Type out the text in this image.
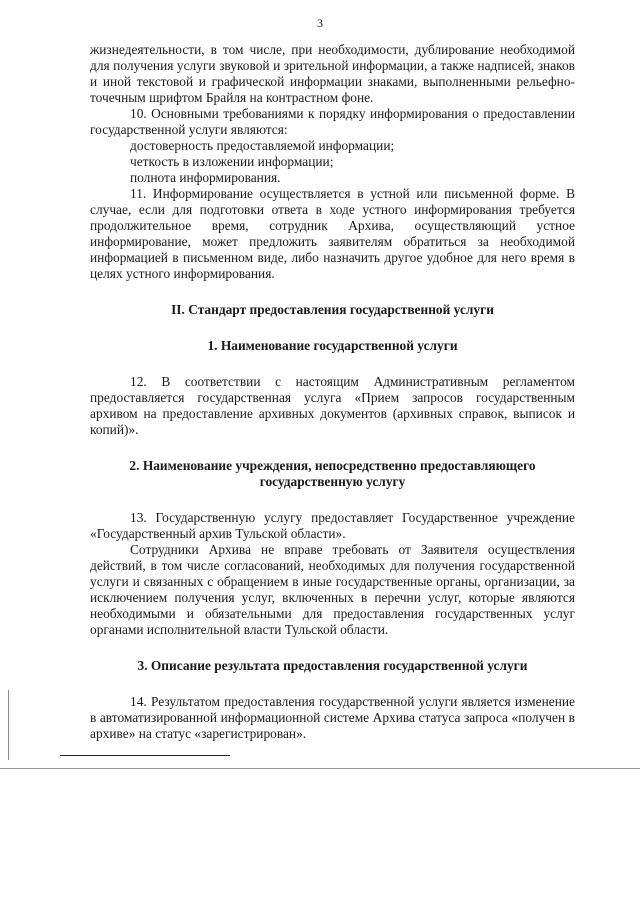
3

жизнедеятельности, в том числе, при необходимости, дублирование необходимой для получения услуги звуковой и зрительной информации, а также надписей, знаков и иной текстовой и графической информации знаками, выполненными рельефно-точечным шрифтом Брайля на контрастном фоне.

10. Основными требованиями к порядку информирования о предоставлении государственной услуги являются:

достоверность предоставляемой информации;

четкость в изложении информации;

полнота информирования.

11. Информирование осуществляется в устной или письменной форме. В случае, если для подготовки ответа в ходе устного информирования требуется продолжительное время, сотрудник Архива, осуществляющий устное информирование, может предложить заявителям обратиться за необходимой информацией в письменном виде, либо назначить другое удобное для него время в целях устного информирования.

II. Стандарт предоставления государственной услуги
1. Наименование государственной услуги

12. В соответствии с настоящим Административным регламентом предоставляется государственная услуга «Прием запросов государственным архивом на предоставление архивных документов (архивных справок, выписок и копий)».

2. Наименование учреждения, непосредственно предоставляющего государственную услугу

13. Государственную услугу предоставляет Государственное учреждение «Государственный архив Тульской области».

Сотрудники Архива не вправе требовать от Заявителя осуществления действий, в том числе согласований, необходимых для получения государственной услуги и связанных с обращением в иные государственные органы, организации, за исключением получения услуг, включенных в перечни услуг, которые являются необходимыми и обязательными для предоставления государственных услуг органами исполнительной власти Тульской области.

3. Описание результата предоставления государственной услуги

14. Результатом предоставления государственной услуги является изменение в автоматизированной информационной системе Архива статуса запроса «получен в архиве» на статус «зарегистрирован».
